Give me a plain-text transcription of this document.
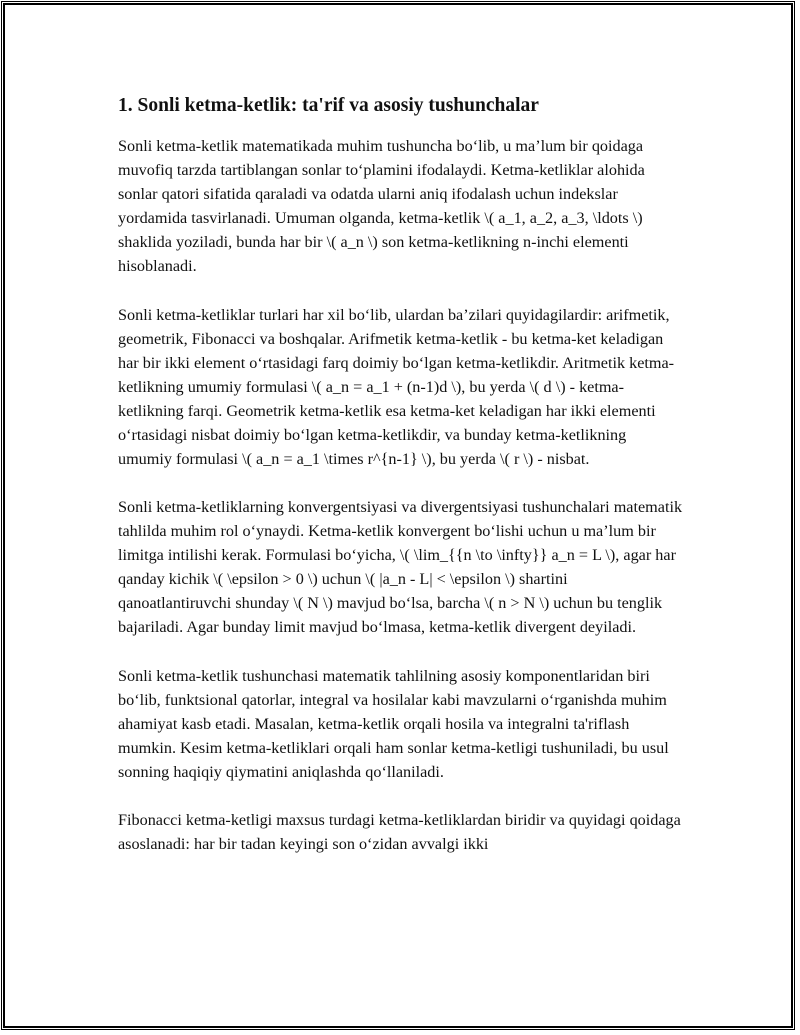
1. Sonli ketma-ketlik: ta'rif va asosiy tushunchalar

Sonli ketma-ketlik matematikada muhim tushuncha bo‘lib, u ma’lum bir qoidaga muvofiq tarzda tartiblangan sonlar to‘plamini ifodalaydi. Ketma-ketliklar alohida sonlar qatori sifatida qaraladi va odatda ularni aniq ifodalash uchun indekslar yordamida tasvirlanadi. Umuman olganda, ketma-ketlik \( a_1, a_2, a_3, \ldots \) shaklida yoziladi, bunda har bir \( a_n \) son ketma-ketlikning n-inchi elementi hisoblanadi.

Sonli ketma-ketliklar turlari har xil bo‘lib, ulardan ba’zilari quyidagilardir: arifmetik, geometrik, Fibonacci va boshqalar. Arifmetik ketma-ketlik - bu ketma-ket keladigan har bir ikki element o‘rtasidagi farq doimiy bo‘lgan ketma-ketlikdir. Aritmetik ketma-ketlikning umumiy formulasi \( a_n = a_1 + (n-1)d \), bu yerda \( d \) - ketma-ketlikning farqi. Geometrik ketma-ketlik esa ketma-ket keladigan har ikki elementi o‘rtasidagi nisbat doimiy bo‘lgan ketma-ketlikdir, va bunday ketma-ketlikning umumiy formulasi \( a_n = a_1 \times r^{n-1} \), bu yerda \( r \) - nisbat.

Sonli ketma-ketliklarning konvergentsiyasi va divergentsiyasi tushunchalari matematik tahlilda muhim rol o‘ynaydi. Ketma-ketlik konvergent bo‘lishi uchun u ma’lum bir limitga intilishi kerak. Formulasi bo‘yicha, \( \lim_{{n \to \infty}} a_n = L \), agar har qanday kichik \( \epsilon > 0 \) uchun \( |a_n - L| < \epsilon \) shartini qanoatlantiruvchi shunday \( N \) mavjud bo‘lsa, barcha \( n > N \) uchun bu tenglik bajariladi. Agar bunday limit mavjud bo‘lmasa, ketma-ketlik divergent deyiladi.

Sonli ketma-ketlik tushunchasi matematik tahlilning asosiy komponentlaridan biri bo‘lib, funktsional qatorlar, integral va hosilalar kabi mavzularni o‘rganishda muhim ahamiyat kasb etadi. Masalan, ketma-ketlik orqali hosila va integralni ta'riflash mumkin. Kesim ketma-ketliklari orqali ham sonlar ketma-ketligi tushuniladi, bu usul sonning haqiqiy qiymatini aniqlashda qo‘llaniladi.

Fibonacci ketma-ketligi maxsus turdagi ketma-ketliklardan biridir va quyidagi qoidaga asoslanadi: har bir tadan keyingi son o‘zidan avvalgi ikki
